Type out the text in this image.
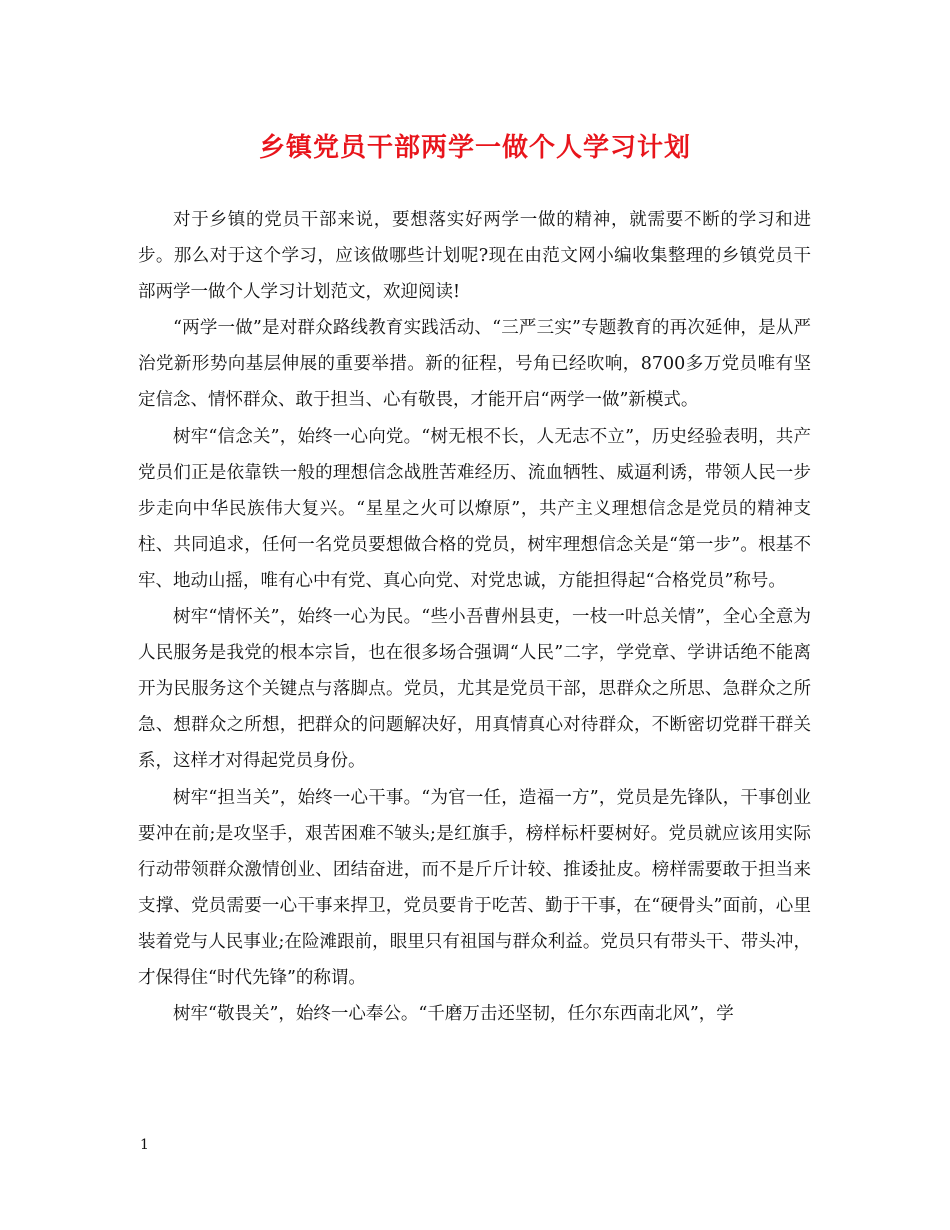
乡镇党员干部两学一做个人学习计划

对于乡镇的党员干部来说，要想落实好两学一做的精神，就需要不断的学习和进步。那么对于这个学习，应该做哪些计划呢?现在由范文网小编收集整理的乡镇党员干部两学一做个人学习计划范文，欢迎阅读!

“两学一做”是对群众路线教育实践活动、“三严三实”专题教育的再次延伸，是从严治党新形势向基层伸展的重要举措。新的征程，号角已经吹响，8700多万党员唯有坚定信念、情怀群众、敢于担当、心有敬畏，才能开启“两学一做”新模式。

树牢“信念关”，始终一心向党。“树无根不长，人无志不立”，历史经验表明，共产党员们正是依靠铁一般的理想信念战胜苦难经历、流血牺牲、威逼利诱，带领人民一步步走向中华民族伟大复兴。“星星之火可以燎原”，共产主义理想信念是党员的精神支柱、共同追求，任何一名党员要想做合格的党员，树牢理想信念关是“第一步”。根基不牢、地动山摇，唯有心中有党、真心向党、对党忠诚，方能担得起“合格党员”称号。

树牢“情怀关”，始终一心为民。“些小吾曹州县吏，一枝一叶总关情”，全心全意为人民服务是我党的根本宗旨，也在很多场合强调“人民”二字，学党章、学讲话绝不能离开为民服务这个关键点与落脚点。党员，尤其是党员干部，思群众之所思、急群众之所急、想群众之所想，把群众的问题解决好，用真情真心对待群众，不断密切党群干群关系，这样才对得起党员身份。

树牢“担当关”，始终一心干事。“为官一任，造福一方”，党员是先锋队，干事创业要冲在前;是攻坚手，艰苦困难不皱头;是红旗手，榜样标杆要树好。党员就应该用实际行动带领群众激情创业、团结奋进，而不是斤斤计较、推诿扯皮。榜样需要敢于担当来支撑、党员需要一心干事来捍卫，党员要肯于吃苦、勤于干事，在“硬骨头”面前，心里装着党与人民事业;在险滩跟前，眼里只有祖国与群众利益。党员只有带头干、带头冲，才保得住“时代先锋”的称谓。

树牢“敬畏关”，始终一心奉公。“千磨万击还坚韧，任尔东西南北风”，学

1
